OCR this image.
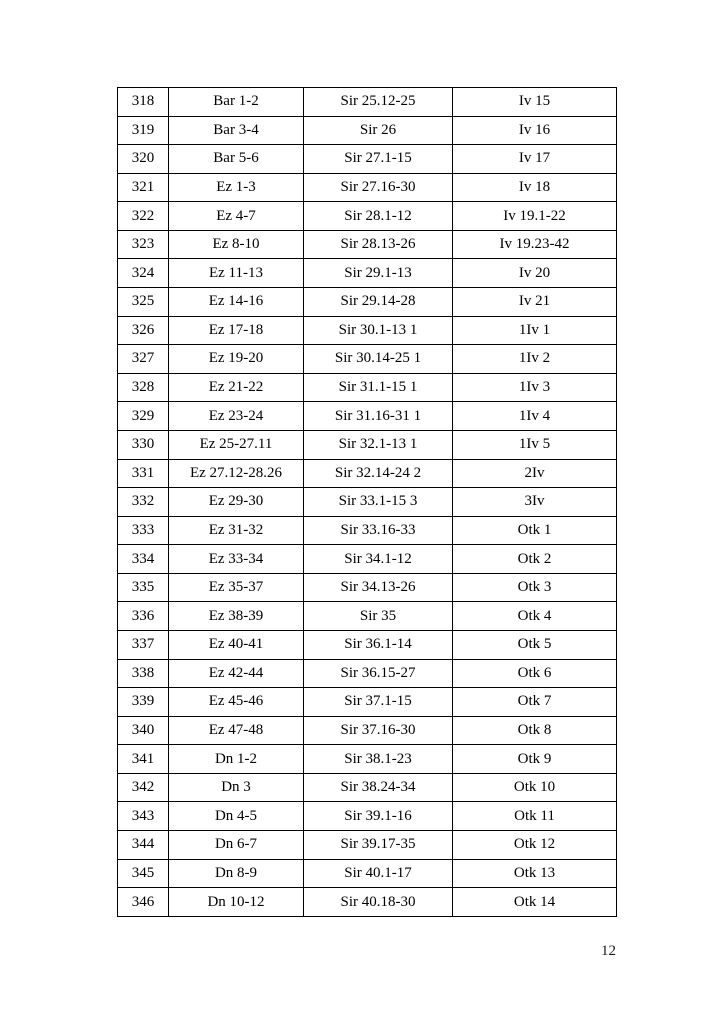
318	Bar 1-2	Sir 25.12-25	Iv 15
319	Bar 3-4	Sir 26	Iv 16
320	Bar 5-6	Sir 27.1-15	Iv 17
321	Ez 1-3	Sir 27.16-30	Iv 18
322	Ez 4-7	Sir 28.1-12	Iv 19.1-22
323	Ez 8-10	Sir 28.13-26	Iv 19.23-42
324	Ez 11-13	Sir 29.1-13	Iv 20
325	Ez 14-16	Sir 29.14-28	Iv 21
326	Ez 17-18	Sir 30.1-13 1	1Iv 1
327	Ez 19-20	Sir 30.14-25 1	1Iv 2
328	Ez 21-22	Sir 31.1-15 1	1Iv 3
329	Ez 23-24	Sir 31.16-31 1	1Iv 4
330	Ez 25-27.11	Sir 32.1-13 1	1Iv 5
331	Ez 27.12-28.26	Sir 32.14-24 2	2Iv
332	Ez 29-30	Sir 33.1-15 3	3Iv
333	Ez 31-32	Sir 33.16-33	Otk 1
334	Ez 33-34	Sir 34.1-12	Otk 2
335	Ez 35-37	Sir 34.13-26	Otk 3
336	Ez 38-39	Sir 35	Otk 4
337	Ez 40-41	Sir 36.1-14	Otk 5
338	Ez 42-44	Sir 36.15-27	Otk 6
339	Ez 45-46	Sir 37.1-15	Otk 7
340	Ez 47-48	Sir 37.16-30	Otk 8
341	Dn 1-2	Sir 38.1-23	Otk 9
342	Dn 3	Sir 38.24-34	Otk 10
343	Dn 4-5	Sir 39.1-16	Otk 11
344	Dn 6-7	Sir 39.17-35	Otk 12
345	Dn 8-9	Sir 40.1-17	Otk 13
346	Dn 10-12	Sir 40.18-30	Otk 14
12
